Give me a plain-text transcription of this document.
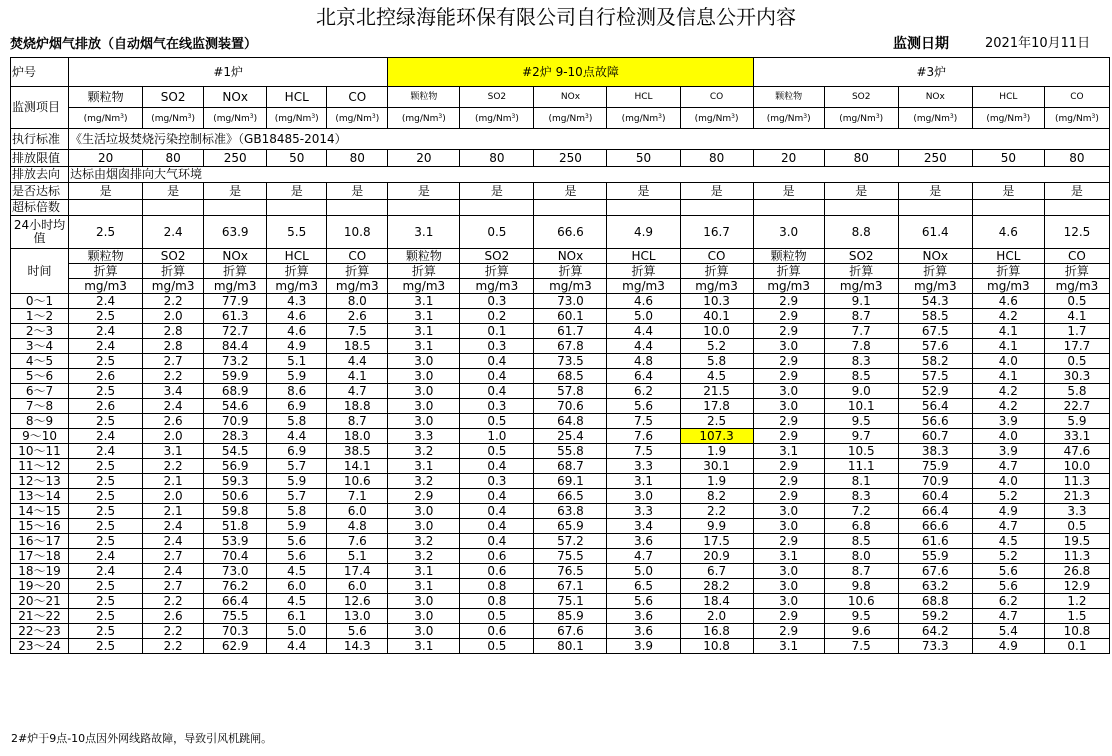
北京北控绿海能环保有限公司自行检测及信息公开内容
焚烧炉烟气排放（自动烟气在线监测装置）	监测日期	2021年10月11日
炉号	#1炉					#2炉 9-10点故障					#3炉				
监测项目	颗粒物	SO2	NOx	HCL	CO	颗粒物	SO2	NOx	HCL	CO	颗粒物	SO2	NOx	HCL	CO
	(mg/Nm$^3$)	(mg/Nm$^3$)	(mg/Nm$^3$)	(mg/Nm$^3$)	(mg/Nm$^3$)	(mg/Nm$^3$)	(mg/Nm$^3$)	(mg/Nm$^3$)	(mg/Nm$^3$)	(mg/Nm$^3$)	(mg/Nm$^3$)	(mg/Nm$^3$)	(mg/Nm$^3$)	(mg/Nm$^3$)	(mg/Nm$^3$)
执行标准	《生活垃圾焚烧污染控制标准》（GB18485-2014）														
排放限值	20	80	250	50	80	20	80	250	50	80	20	80	250	50	80
排放去向	达标由烟囱排向大气环境														
是否达标	是	是	是	是	是	是	是	是	是	是	是	是	是	是	是
超标倍数															
24小时均值	2.5	2.4	63.9	5.5	10.8	3.1	0.5	66.6	4.9	16.7	3.0	8.8	61.4	4.6	12.5
时间	颗粒物	SO2	NOx	HCL	CO	颗粒物	SO2	NOx	HCL	CO	颗粒物	SO2	NOx	HCL	CO
	折算	折算	折算	折算	折算	折算	折算	折算	折算	折算	折算	折算	折算	折算	折算
	mg/m3	mg/m3	mg/m3	mg/m3	mg/m3	mg/m3	mg/m3	mg/m3	mg/m3	mg/m3	mg/m3	mg/m3	mg/m3	mg/m3	mg/m3
0～1	2.4	2.2	77.9	4.3	8.0	3.1	0.3	73.0	4.6	10.3	2.9	9.1	54.3	4.6	0.5
1～2	2.5	2.0	61.3	4.6	2.6	3.1	0.2	60.1	5.0	40.1	2.9	8.7	58.5	4.2	4.1
2～3	2.4	2.8	72.7	4.6	7.5	3.1	0.1	61.7	4.4	10.0	2.9	7.7	67.5	4.1	1.7
3～4	2.4	2.8	84.4	4.9	18.5	3.1	0.3	67.8	4.4	5.2	3.0	7.8	57.6	4.1	17.7
4～5	2.5	2.7	73.2	5.1	4.4	3.0	0.4	73.5	4.8	5.8	2.9	8.3	58.2	4.0	0.5
5～6	2.6	2.2	59.9	5.9	4.1	3.0	0.4	68.5	6.4	4.5	2.9	8.5	57.5	4.1	30.3
6～7	2.5	3.4	68.9	8.6	4.7	3.0	0.4	57.8	6.2	21.5	3.0	9.0	52.9	4.2	5.8
7～8	2.6	2.4	54.6	6.9	18.8	3.0	0.3	70.6	5.6	17.8	3.0	10.1	56.4	4.2	22.7
8～9	2.5	2.6	70.9	5.8	8.7	3.0	0.5	64.8	7.5	2.5	2.9	9.5	56.6	3.9	5.9
9～10	2.4	2.0	28.3	4.4	18.0	3.3	1.0	25.4	7.6	107.3	2.9	9.7	60.7	4.0	33.1
10～11	2.4	3.1	54.5	6.9	38.5	3.2	0.5	55.8	7.5	1.9	3.1	10.5	38.3	3.9	47.6
11～12	2.5	2.2	56.9	5.7	14.1	3.1	0.4	68.7	3.3	30.1	2.9	11.1	75.9	4.7	10.0
12～13	2.5	2.1	59.3	5.9	10.6	3.2	0.3	69.1	3.1	1.9	2.9	8.1	70.9	4.0	11.3
13～14	2.5	2.0	50.6	5.7	7.1	2.9	0.4	66.5	3.0	8.2	2.9	8.3	60.4	5.2	21.3
14～15	2.5	2.1	59.8	5.8	6.0	3.0	0.4	63.8	3.3	2.2	3.0	7.2	66.4	4.9	3.3
15～16	2.5	2.4	51.8	5.9	4.8	3.0	0.4	65.9	3.4	9.9	3.0	6.8	66.6	4.7	0.5
16～17	2.5	2.4	53.9	5.6	7.6	3.2	0.4	57.2	3.6	17.5	2.9	8.5	61.6	4.5	19.5
17～18	2.4	2.7	70.4	5.6	5.1	3.2	0.6	75.5	4.7	20.9	3.1	8.0	55.9	5.2	11.3
18～19	2.4	2.4	73.0	4.5	17.4	3.1	0.6	76.5	5.0	6.7	3.0	8.7	67.6	5.6	26.8
19～20	2.5	2.7	76.2	6.0	6.0	3.1	0.8	67.1	6.5	28.2	3.0	9.8	63.2	5.6	12.9
20～21	2.5	2.2	66.4	4.5	12.6	3.0	0.8	75.1	5.6	18.4	3.0	10.6	68.8	6.2	1.2
21～22	2.5	2.6	75.5	6.1	13.0	3.0	0.5	85.9	3.6	2.0	2.9	9.5	59.2	4.7	1.5
22～23	2.5	2.2	70.3	5.0	5.6	3.0	0.6	67.6	3.6	16.8	2.9	9.6	64.2	5.4	10.8
23～24	2.5	2.2	62.9	4.4	14.3	3.1	0.5	80.1	3.9	10.8	3.1	7.5	73.3	4.9	0.1
2#炉于9点-10点因外网线路故障，导致引风机跳闸。
